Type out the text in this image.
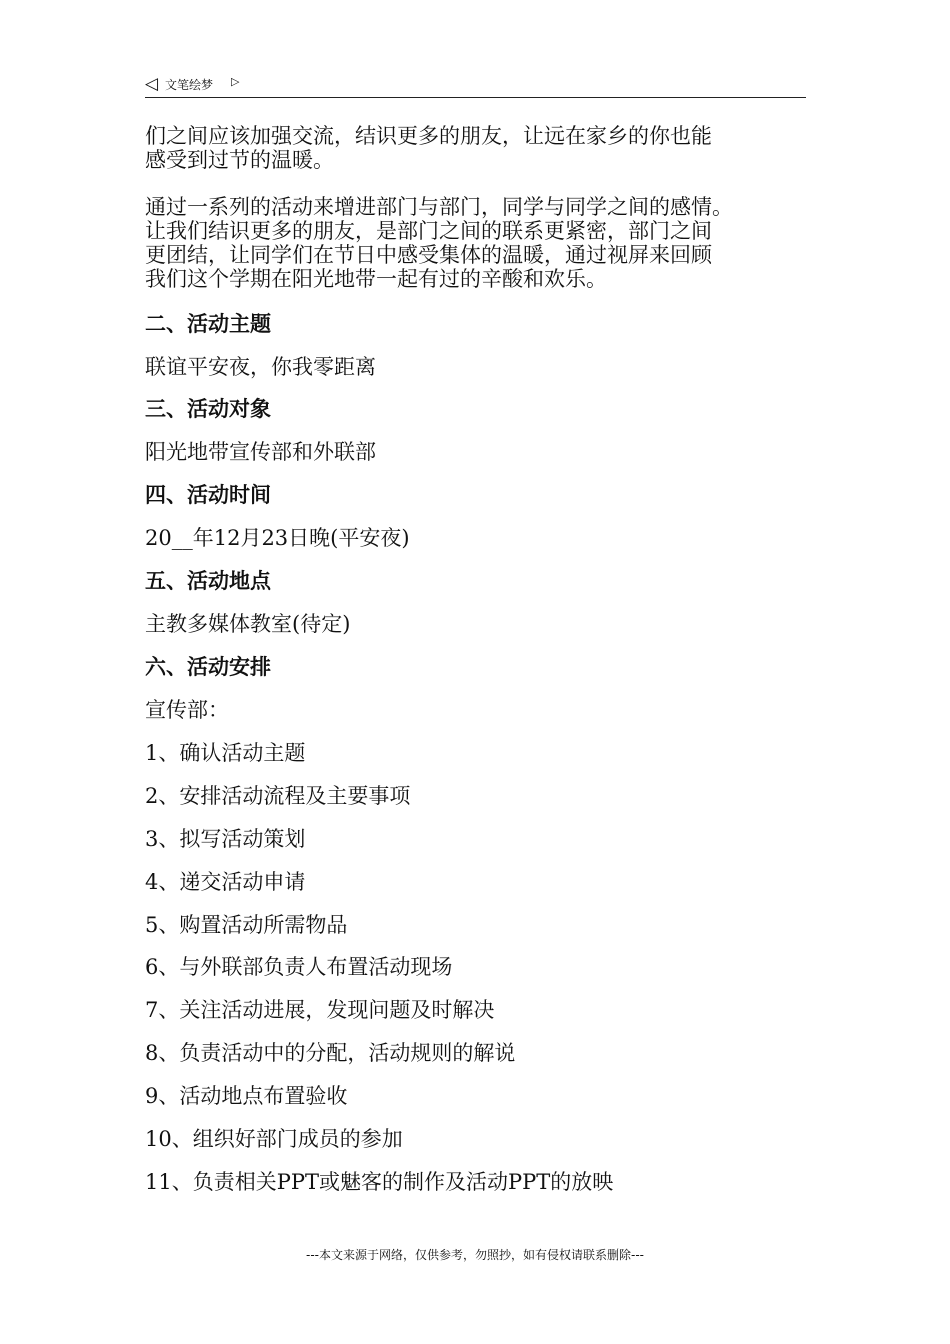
◁ 文笔绘梦 ▷
们之间应该加强交流，结识更多的朋友，让远在家乡的你也能
感受到过节的温暖。
通过一系列的活动来增进部门与部门，同学与同学之间的感情。
让我们结识更多的朋友，是部门之间的联系更紧密，部门之间
更团结，让同学们在节日中感受集体的温暖，通过视屏来回顾
我们这个学期在阳光地带一起有过的辛酸和欢乐。

二、活动主题

联谊平安夜，你我零距离

三、活动对象

阳光地带宣传部和外联部

四、活动时间

20__年12月23日晚(平安夜)

五、活动地点

主教多媒体教室(待定)

六、活动安排

宣传部：

1、确认活动主题

2、安排活动流程及主要事项

3、拟写活动策划

4、递交活动申请

5、购置活动所需物品

6、与外联部负责人布置活动现场

7、关注活动进展，发现问题及时解决

8、负责活动中的分配，活动规则的解说

9、活动地点布置验收

10、组织好部门成员的参加

11、负责相关PPT或魅客的制作及活动PPT的放映

---本文来源于网络，仅供参考，勿照抄，如有侵权请联系删除---
